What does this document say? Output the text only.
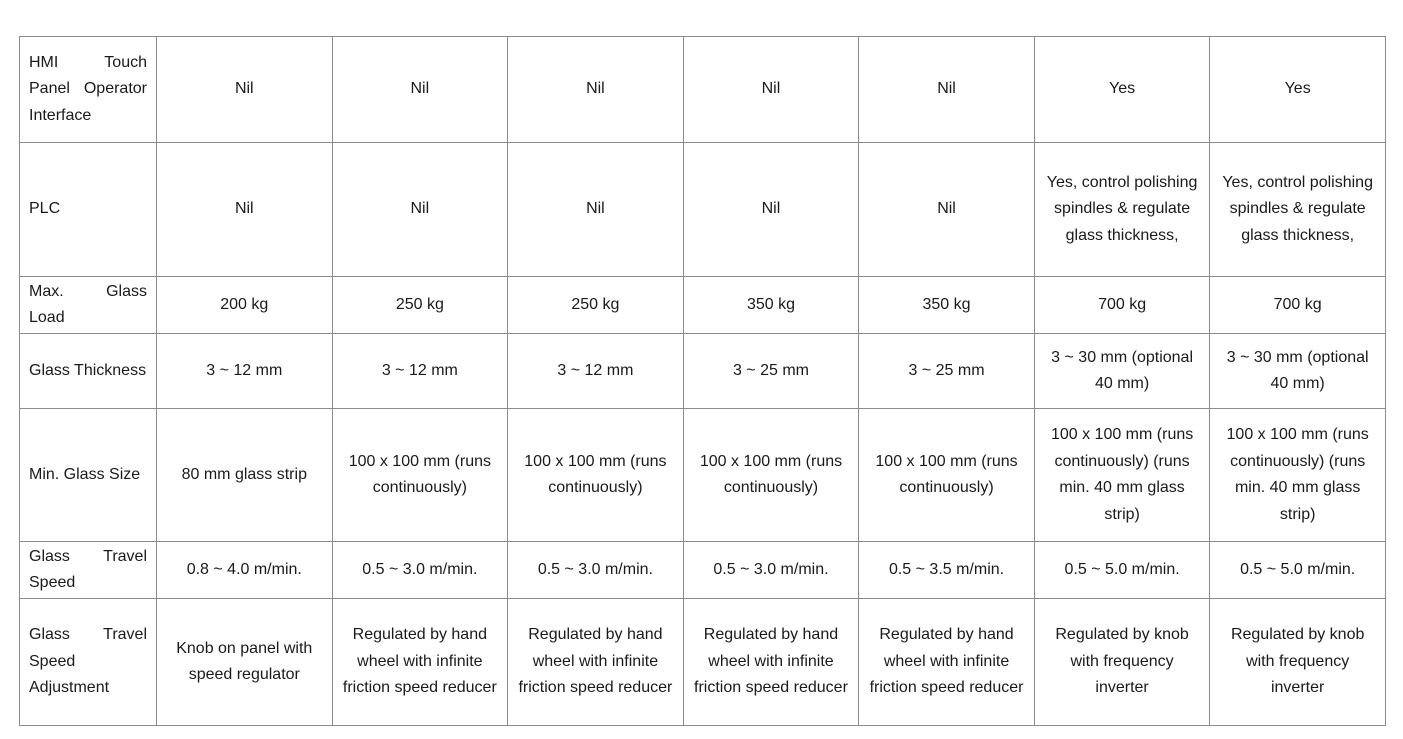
HMI Touch Panel Operator Interface	Nil	Nil	Nil	Nil	Nil	Yes	Yes
PLC	Nil	Nil	Nil	Nil	Nil	Yes, control polishing spindles & regulate glass thickness,	Yes, control polishing spindles & regulate glass thickness,
Max. Glass Load	200 kg	250 kg	250 kg	350 kg	350 kg	700 kg	700 kg
Glass Thickness	3 ~ 12 mm	3 ~ 12 mm	3 ~ 12 mm	3 ~ 25 mm	3 ~ 25 mm	3 ~ 30 mm (optional 40 mm)	3 ~ 30 mm (optional 40 mm)
Min. Glass Size	80 mm glass strip	100 x 100 mm (runs continuously)	100 x 100 mm (runs continuously)	100 x 100 mm (runs continuously)	100 x 100 mm (runs continuously)	100 x 100 mm (runs continuously) (runs min. 40 mm glass strip)	100 x 100 mm (runs continuously) (runs min. 40 mm glass strip)
Glass Travel Speed	0.8 ~ 4.0 m/min.	0.5 ~ 3.0 m/min.	0.5 ~ 3.0 m/min.	0.5 ~ 3.0 m/min.	0.5 ~ 3.5 m/min.	0.5 ~ 5.0 m/min.	0.5 ~ 5.0 m/min.
Glass Travel Speed Adjustment	Knob on panel with speed regulator	Regulated by hand wheel with infinite friction speed reducer	Regulated by hand wheel with infinite friction speed reducer	Regulated by hand wheel with infinite friction speed reducer	Regulated by hand wheel with infinite friction speed reducer	Regulated by knob with frequency inverter	Regulated by knob with frequency inverter
